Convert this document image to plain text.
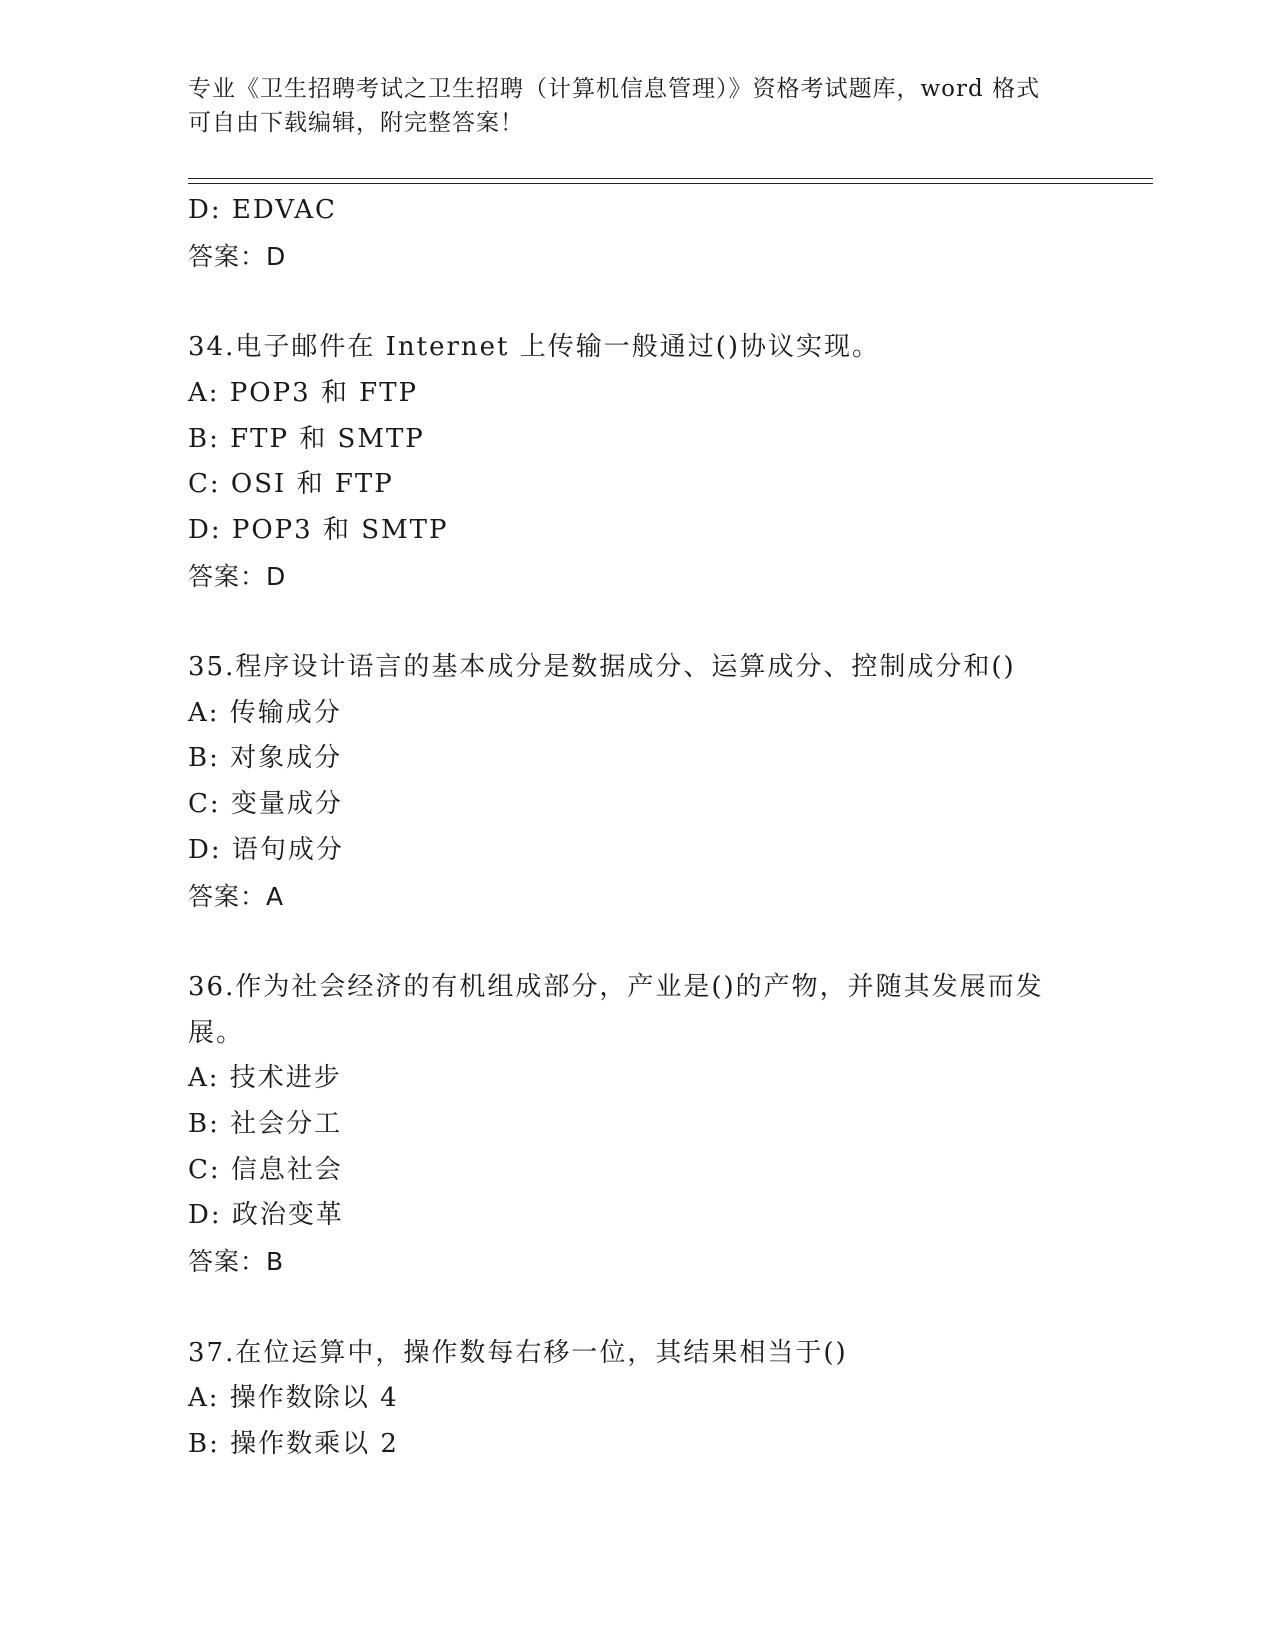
专业《卫生招聘考试之卫生招聘（计算机信息管理）》资格考试题库，word 格式
可自由下载编辑，附完整答案！
D: EDVAC
答案：D
34.电子邮件在 Internet 上传输一般通过()协议实现。
A: POP3 和 FTP
B: FTP 和 SMTP
C: OSI 和 FTP
D: POP3 和 SMTP
答案：D
35.程序设计语言的基本成分是数据成分、运算成分、控制成分和()
A: 传输成分
B: 对象成分
C: 变量成分
D: 语句成分
答案：A
36.作为社会经济的有机组成部分，产业是()的产物，并随其发展而发展。
A: 技术进步
B: 社会分工
C: 信息社会
D: 政治变革
答案：B
37.在位运算中，操作数每右移一位，其结果相当于()
A: 操作数除以 4
B: 操作数乘以 2
